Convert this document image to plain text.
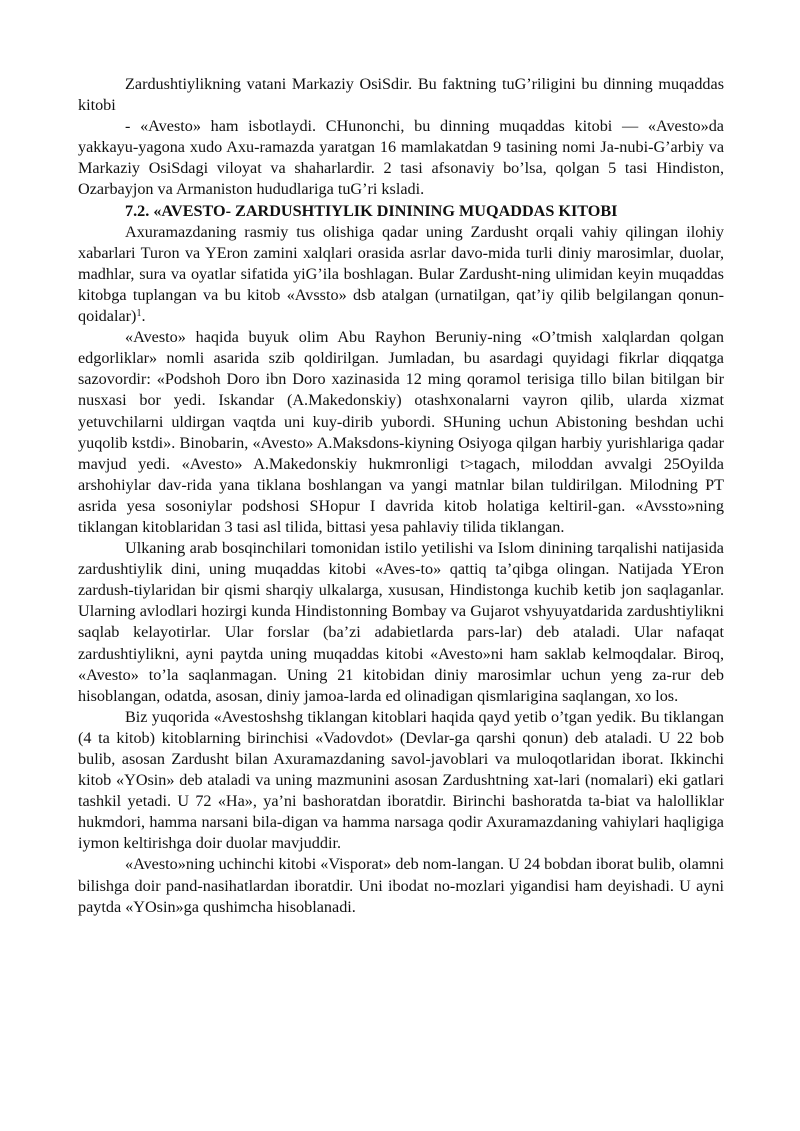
Zardushtiylikning vatani Markaziy OsiSdir. Bu faktning tuG’riligini bu dinning muqaddas kitobi

- «Avesto» ham isbotlaydi. CHunonchi, bu dinning muqaddas kitobi — «Avesto»da yakkayu-yagona xudo Axu-ramazda yaratgan 16 mamlakatdan 9 tasining nomi Ja-nubi-G’arbiy va Markaziy OsiSdagi viloyat va shaharlardir. 2 tasi afsonaviy bo’lsa, qolgan 5 tasi Hindiston, Ozarbayjon va Armaniston hududlariga tuG’ri ksladi.

7.2. «AVESTO- ZARDUSHTIYLIK DININING MUQADDAS KITOBI

Axuramazdaning rasmiy tus olishiga qadar uning Zardusht orqali vahiy qilingan ilohiy xabarlari Turon va YEron zamini xalqlari orasida asrlar davo-mida turli diniy marosimlar, duolar, madhlar, sura va oyatlar sifatida yiG’ila boshlagan. Bular Zardusht-ning ulimidan keyin muqaddas kitobga tuplangan va bu kitob «Avssto» dsb atalgan (urnatilgan, qat’iy qilib belgilangan qonun-qoidalar)$^1$.

«Avesto» haqida buyuk olim Abu Rayhon Beruniy-ning «O’tmish xalqlardan qolgan edgorliklar» nomli asarida szib qoldirilgan. Jumladan, bu asardagi quyidagi fikrlar diqqatga sazovordir: «Podshoh Doro ibn Doro xazinasida 12 ming qoramol terisiga tillo bilan bitilgan bir nusxasi bor yedi. Iskandar (A.Makedonskiy) otashxonalarni vayron qilib, ularda xizmat yetuvchilarni uldirgan vaqtda uni kuy-dirib yubordi. SHuning uchun Abistoning beshdan uchi yuqolib kstdi». Binobarin, «Avesto» A.Maksdons-kiyning Osiyoga qilgan harbiy yurishlariga qadar mavjud yedi. «Avesto» A.Makedonskiy hukmronligi t>tagach, miloddan avvalgi 25Oyilda arshohiylar dav-rida yana tiklana boshlangan va yangi matnlar bilan tuldirilgan. Milodning PT asrida yesa sosoniylar podshosi SHopur I davrida kitob holatiga keltiril-gan. «Avssto»ning tiklangan kitoblaridan 3 tasi asl tilida, bittasi yesa pahlaviy tilida tiklangan.

Ulkaning arab bosqinchilari tomonidan istilo yetilishi va Islom dinining tarqalishi natijasida zardushtiylik dini, uning muqaddas kitobi «Aves-to» qattiq ta’qibga olingan. Natijada YEron zardush-tiylaridan bir qismi sharqiy ulkalarga, xususan, Hindistonga kuchib ketib jon saqlaganlar. Ularning avlodlari hozirgi kunda Hindistonning Bombay va Gujarot vshyuyatdarida zardushtiylikni saqlab kelayotirlar. Ular forslar (ba’zi adabietlarda pars-lar) deb ataladi. Ular nafaqat zardushtiylikni, ayni paytda uning muqaddas kitobi «Avesto»ni ham saklab kelmoqdalar. Biroq, «Avesto» to’la saqlanmagan. Uning 21 kitobidan diniy marosimlar uchun yeng za-rur deb hisoblangan, odatda, asosan, diniy jamoa-larda ed olinadigan qismlarigina saqlangan, xo los.

Biz yuqorida «Avestoshshg tiklangan kitoblari haqida qayd yetib o’tgan yedik. Bu tiklangan (4 ta kitob) kitoblarning birinchisi «Vadovdot» (Devlar-ga qarshi qonun) deb ataladi. U 22 bob bulib, asosan Zardusht bilan Axuramazdaning savol-javoblari va muloqotlaridan iborat. Ikkinchi kitob «YOsin» deb ataladi va uning mazmunini asosan Zardushtning xat-lari (nomalari) eki gatlari tashkil yetadi. U 72 «Ha», ya’ni bashoratdan iboratdir. Birinchi bashoratda ta-biat va halolliklar hukmdori, hamma narsani bila-digan va hamma narsaga qodir Axuramazdaning vahiylari haqligiga iymon keltirishga doir duolar mavjuddir.

«Avesto»ning uchinchi kitobi «Visporat» deb nom-langan. U 24 bobdan iborat bulib, olamni bilishga doir pand-nasihatlardan iboratdir. Uni ibodat no-mozlari yigandisi ham deyishadi. U ayni paytda «YOsin»ga qushimcha hisoblanadi.
